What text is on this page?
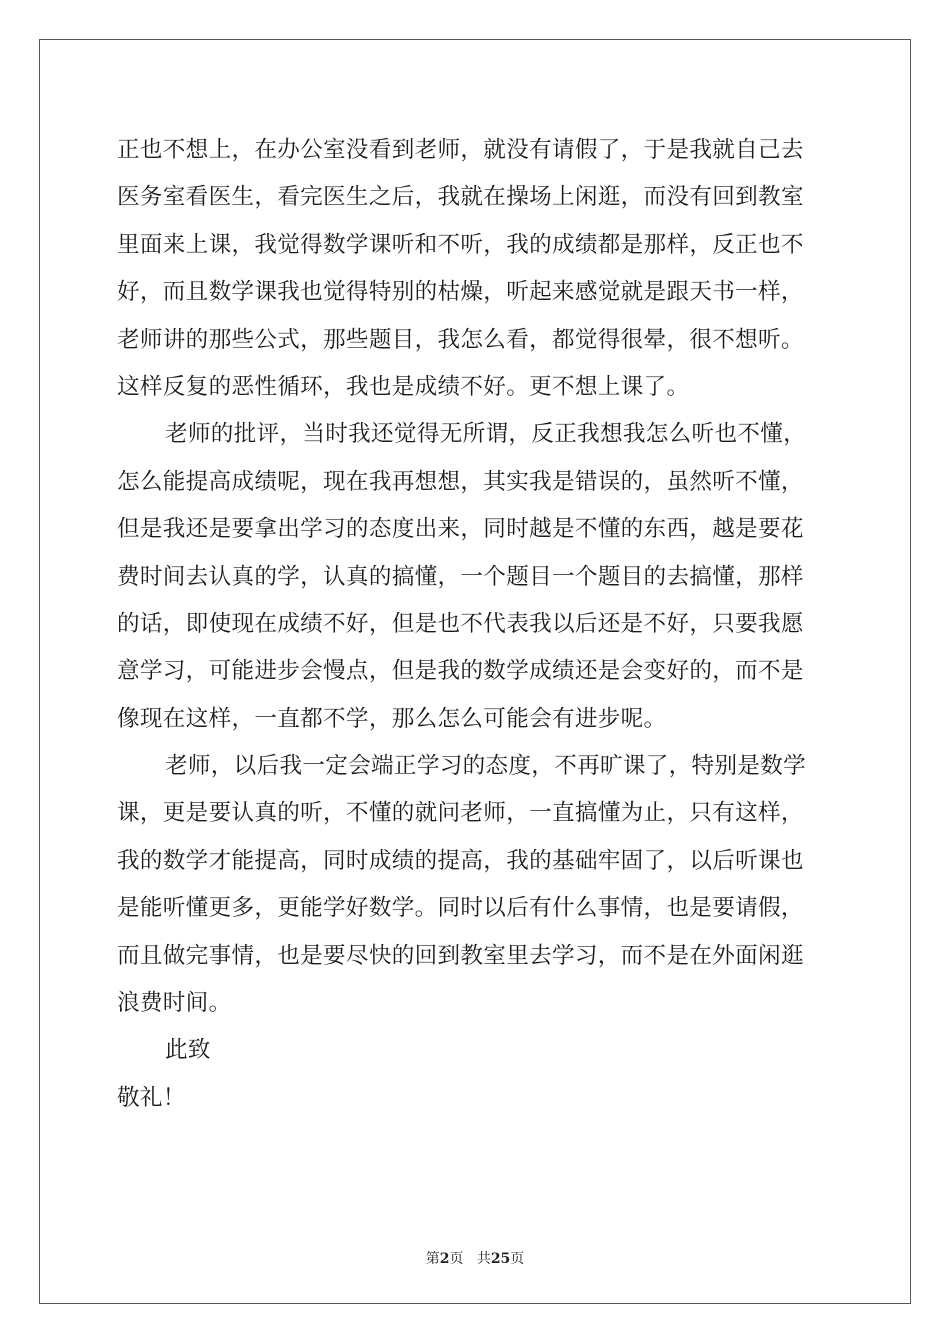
正也不想上，在办公室没看到老师，就没有请假了，于是我就自己去
医务室看医生，看完医生之后，我就在操场上闲逛，而没有回到教室
里面来上课，我觉得数学课听和不听，我的成绩都是那样，反正也不
好，而且数学课我也觉得特别的枯燥，听起来感觉就是跟天书一样，
老师讲的那些公式，那些题目，我怎么看，都觉得很晕，很不想听。
这样反复的恶性循环，我也是成绩不好。更不想上课了。
老师的批评，当时我还觉得无所谓，反正我想我怎么听也不懂，
怎么能提高成绩呢，现在我再想想，其实我是错误的，虽然听不懂，
但是我还是要拿出学习的态度出来，同时越是不懂的东西，越是要花
费时间去认真的学，认真的搞懂，一个题目一个题目的去搞懂，那样
的话，即使现在成绩不好，但是也不代表我以后还是不好，只要我愿
意学习，可能进步会慢点，但是我的数学成绩还是会变好的，而不是
像现在这样，一直都不学，那么怎么可能会有进步呢。
老师，以后我一定会端正学习的态度，不再旷课了，特别是数学
课，更是要认真的听，不懂的就问老师，一直搞懂为止，只有这样，
我的数学才能提高，同时成绩的提高，我的基础牢固了，以后听课也
是能听懂更多，更能学好数学。同时以后有什么事情，也是要请假，
而且做完事情，也是要尽快的回到教室里去学习，而不是在外面闲逛
浪费时间。
此致
敬礼！
第2页 共25页
